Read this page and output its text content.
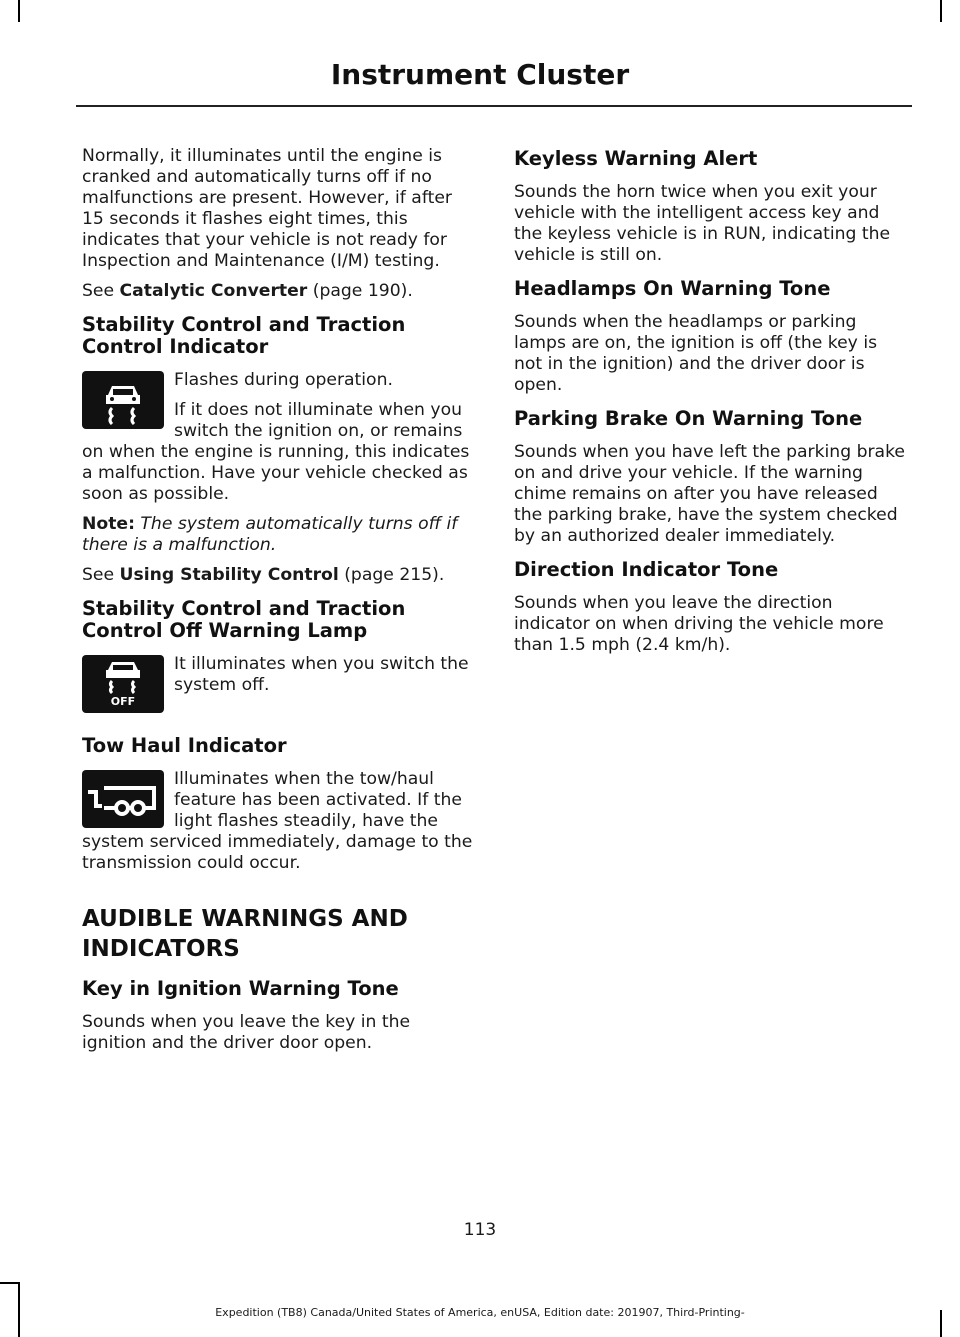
Instrument Cluster

Normally, it illuminates until the engine is cranked and automatically turns off if no malfunctions are present. However, if after 15 seconds it flashes eight times, this indicates that your vehicle is not ready for Inspection and Maintenance (I/M) testing.

See Catalytic Converter (page 190).

Stability Control and Traction Control Indicator

Flashes during operation.

If it does not illuminate when you switch the ignition on, or remains on when the engine is running, this indicates a malfunction. Have your vehicle checked as soon as possible.

Note: The system automatically turns off if there is a malfunction.

See Using Stability Control (page 215).

Stability Control and Traction Control Off Warning Lamp
OFF

It illuminates when you switch the system off.

Tow Haul Indicator

Illuminates when the tow/haul feature has been activated. If the light flashes steadily, have the system serviced immediately, damage to the transmission could occur.

AUDIBLE WARNINGS AND INDICATORS
Key in Ignition Warning Tone

Sounds when you leave the key in the ignition and the driver door open.

Keyless Warning Alert

Sounds the horn twice when you exit your vehicle with the intelligent access key and the keyless vehicle is in RUN, indicating the vehicle is still on.

Headlamps On Warning Tone

Sounds when the headlamps or parking lamps are on, the ignition is off (the key is not in the ignition) and the driver door is open.

Parking Brake On Warning Tone

Sounds when you have left the parking brake on and drive your vehicle. If the warning chime remains on after you have released the parking brake, have the system checked by an authorized dealer immediately.

Direction Indicator Tone

Sounds when you leave the direction indicator on when driving the vehicle more than 1.5 mph (2.4 km/h).

113
Expedition (TB8) Canada/United States of America, enUSA, Edition date: 201907, Third-Printing-
